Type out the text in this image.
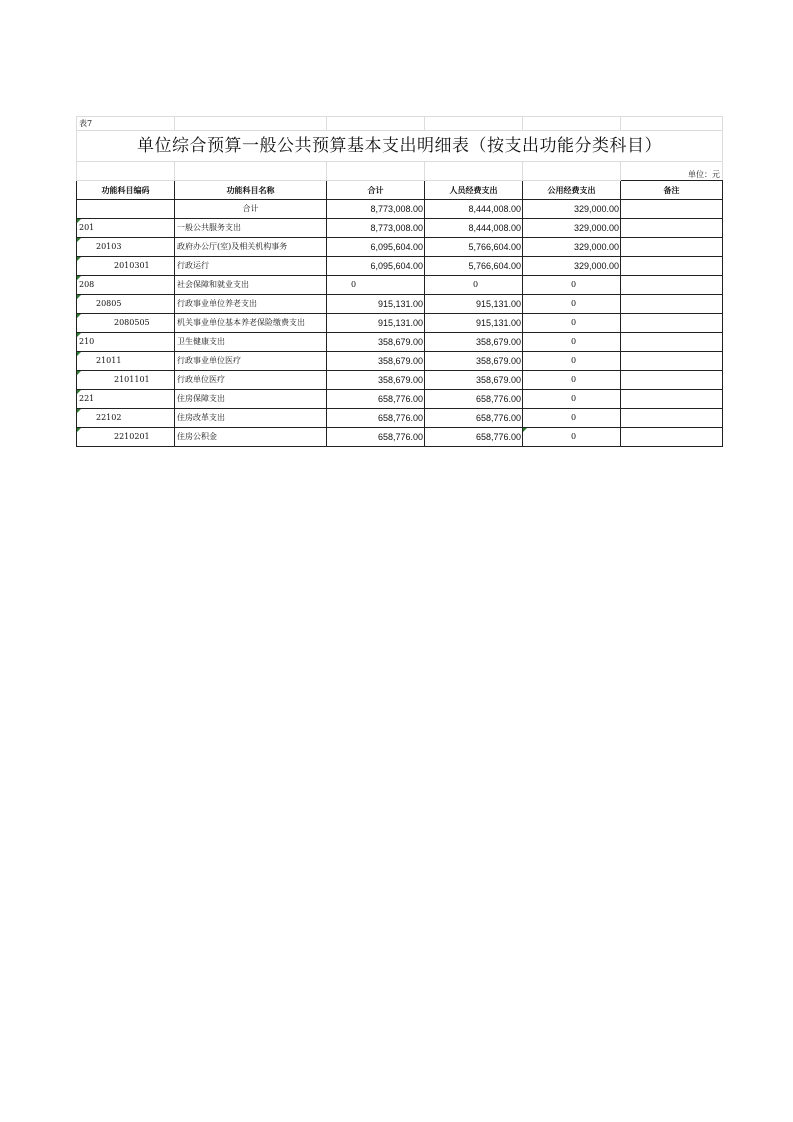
表7					
单位综合预算一般公共预算基本支出明细表（按支出功能分类科目）					
					单位：元
功能科目编码	功能科目名称	合计	人员经费支出	公用经费支出	备注
	合计	8,773,008.00	8,444,008.00	329,000.00	

201	一般公共服务支出	8,773,008.00	8,444,008.00	329,000.00	

20103	政府办公厅(室)及相关机构事务	6,095,604.00	5,766,604.00	329,000.00	

2010301	行政运行	6,095,604.00	5,766,604.00	329,000.00	

208	社会保障和就业支出	0	0	0	

20805	行政事业单位养老支出	915,131.00	915,131.00	0	

2080505	机关事业单位基本养老保险缴费支出	915,131.00	915,131.00	0	

210	卫生健康支出	358,679.00	358,679.00	0	

21011	行政事业单位医疗	358,679.00	358,679.00	0	

2101101	行政单位医疗	358,679.00	358,679.00	0	

221	住房保障支出	658,776.00	658,776.00	0	

22102	住房改革支出	658,776.00	658,776.00	0	

2210201	住房公积金	658,776.00	658,776.00	0	
